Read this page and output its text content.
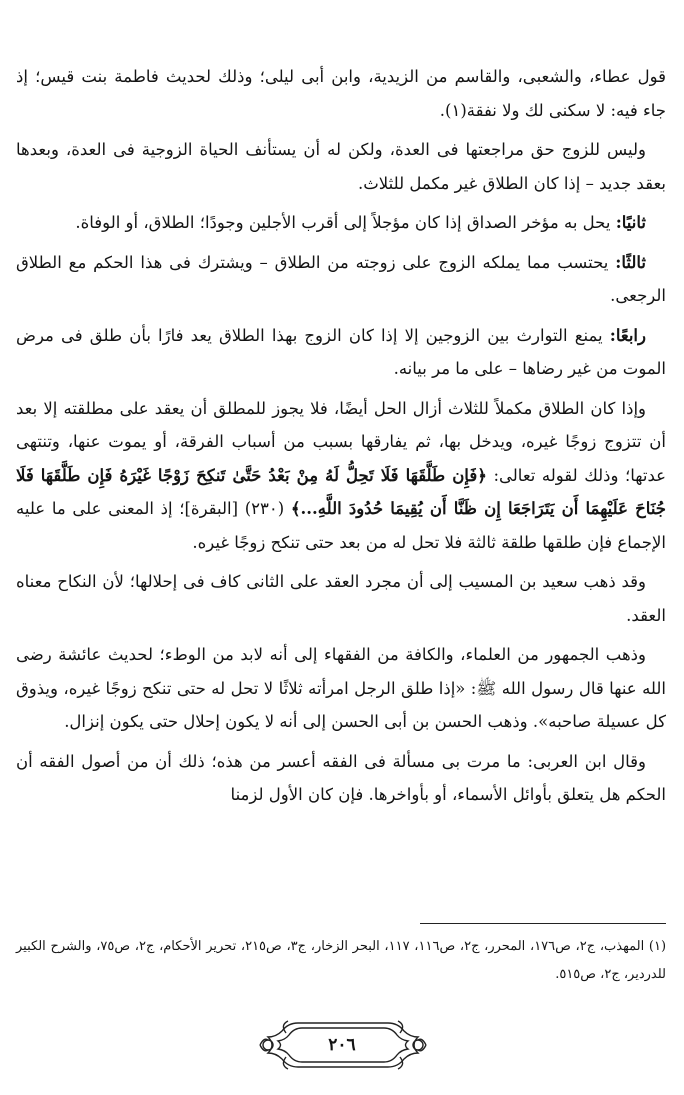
قول عطاء، والشعبى، والقاسم من الزيدية، وابن أبى ليلى؛ وذلك لحديث فاطمة بنت قيس؛ إذ جاء فيه: لا سكنى لك ولا نفقة(١).

وليس للزوج حق مراجعتها فى العدة، ولكن له أن يستأنف الحياة الزوجية فى العدة، وبعدها بعقد جديد – إذا كان الطلاق غير مكمل للثلاث.

ثانيًا: يحل به مؤخر الصداق إذا كان مؤجلاً إلى أقرب الأجلين وجودًا؛ الطلاق، أو الوفاة.

ثالثًا: يحتسب مما يملكه الزوج على زوجته من الطلاق – ويشترك فى هذا الحكم مع الطلاق الرجعى.

رابعًا: يمنع التوارث بين الزوجين إلا إذا كان الزوج بهذا الطلاق يعد فارًا بأن طلق فى مرض الموت من غير رضاها – على ما مر بيانه.

وإذا كان الطلاق مكملاً للثلاث أزال الحل أيضًا، فلا يجوز للمطلق أن يعقد على مطلقته إلا بعد أن تتزوج زوجًا غيره، ويدخل بها، ثم يفارقها بسبب من أسباب الفرقة، أو يموت عنها، وتنتهى عدتها؛ وذلك لقوله تعالى: ﴿فَإِن طَلَّقَهَا فَلَا تَحِلُّ لَهُ مِنْ بَعْدُ حَتَّىٰ تَنكِحَ زَوْجًا غَيْرَهُ فَإِن طَلَّقَهَا فَلَا جُنَاحَ عَلَيْهِمَا أَن يَتَرَاجَعَا إِن ظَنَّا أَن يُقِيمَا حُدُودَ اللَّهِ...﴾ (٢٣٠) [البقرة]؛ إذ المعنى على ما عليه الإجماع فإن طلقها طلقة ثالثة فلا تحل له من بعد حتى تنكح زوجًا غيره.

وقد ذهب سعيد بن المسيب إلى أن مجرد العقد على الثانى كاف فى إحلالها؛ لأن النكاح معناه العقد.

وذهب الجمهور من العلماء، والكافة من الفقهاء إلى أنه لابد من الوطء؛ لحديث عائشة رضى الله عنها قال رسول الله ﷺ: «إذا طلق الرجل امرأته ثلاثًا لا تحل له حتى تنكح زوجًا غيره، ويذوق كل عسيلة صاحبه». وذهب الحسن بن أبى الحسن إلى أنه لا يكون إحلال حتى يكون إنزال.

وقال ابن العربى: ما مرت بى مسألة فى الفقه أعسر من هذه؛ ذلك أن من أصول الفقه أن الحكم هل يتعلق بأوائل الأسماء، أو بأواخرها. فإن كان الأول لزمنا

(١) المهذب، ج٢، ص١٧٦، المحرر، ج٢، ص١١٦، ١١٧، البحر الزخار، ج٣، ص٢١٥، تحرير الأحكام، ج٢، ص٧٥، والشرح الكبير للدردير، ج٢، ص٥١٥.

٢٠٦
